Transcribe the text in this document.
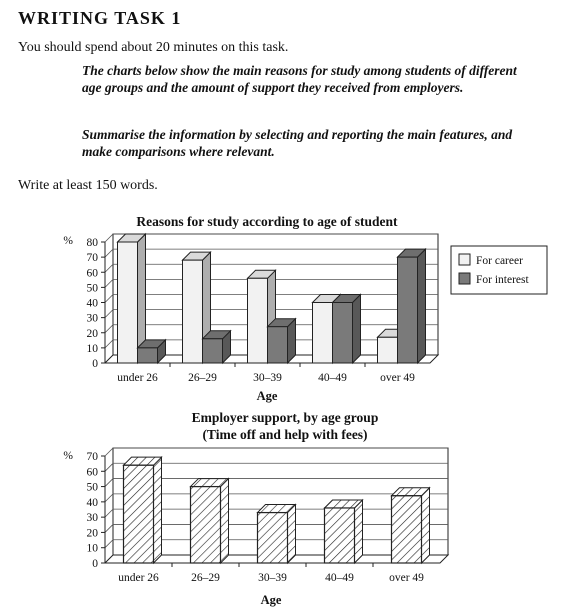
WRITING TASK 1
You should spend about 20 minutes on this task.
The charts below show the main reasons for study among students of different age groups and the amount of support they received from employers.
Summarise the information by selecting and reporting the main features, and make comparisons where relevant.
Write at least 150 words.
Reasons for study according to age of student
%
under 26	26–29	30–39	40–49	over 49
0
10
20
30
40
50
60
70
80
Age
For career
For interest
Employer support, by age group
(Time off and help with fees)
%
under 26	26–29	30–39	40–49	over 49
0
10
20
30
40
50
60
70
Age
